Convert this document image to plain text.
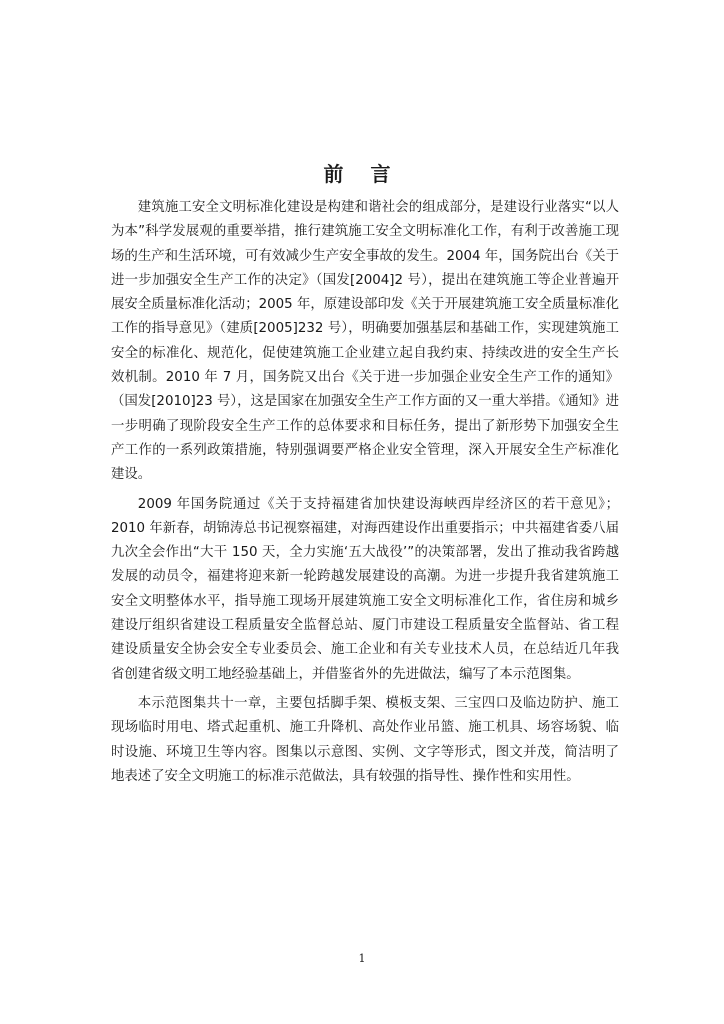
前 言

建筑施工安全文明标准化建设是构建和谐社会的组成部分，是建设行业落实“以人为本”科学发展观的重要举措，推行建筑施工安全文明标准化工作，有利于改善施工现场的生产和生活环境，可有效减少生产安全事故的发生。2004 年，国务院出台《关于进一步加强安全生产工作的决定》（国发[2004]2 号），提出在建筑施工等企业普遍开展安全质量标准化活动；2005 年，原建设部印发《关于开展建筑施工安全质量标准化工作的指导意见》（建质[2005]232 号），明确要加强基层和基础工作，实现建筑施工安全的标准化、规范化，促使建筑施工企业建立起自我约束、持续改进的安全生产长效机制。2010 年 7 月，国务院又出台《关于进一步加强企业安全生产工作的通知》（国发[2010]23 号），这是国家在加强安全生产工作方面的又一重大举措。《通知》进一步明确了现阶段安全生产工作的总体要求和目标任务，提出了新形势下加强安全生产工作的一系列政策措施，特别强调要严格企业安全管理，深入开展安全生产标准化建设。

2009 年国务院通过《关于支持福建省加快建设海峡西岸经济区的若干意见》；2010 年新春，胡锦涛总书记视察福建，对海西建设作出重要指示；中共福建省委八届九次全会作出“大干 150 天，全力实施‘五大战役’”的决策部署，发出了推动我省跨越发展的动员令，福建将迎来新一轮跨越发展建设的高潮。为进一步提升我省建筑施工安全文明整体水平，指导施工现场开展建筑施工安全文明标准化工作，省住房和城乡建设厅组织省建设工程质量安全监督总站、厦门市建设工程质量安全监督站、省工程建设质量安全协会安全专业委员会、施工企业和有关专业技术人员，在总结近几年我省创建省级文明工地经验基础上，并借鉴省外的先进做法，编写了本示范图集。

本示范图集共十一章，主要包括脚手架、模板支架、三宝四口及临边防护、施工现场临时用电、塔式起重机、施工升降机、高处作业吊篮、施工机具、场容场貌、临时设施、环境卫生等内容。图集以示意图、实例、文字等形式，图文并茂，简洁明了地表述了安全文明施工的标准示范做法，具有较强的指导性、操作性和实用性。

1
